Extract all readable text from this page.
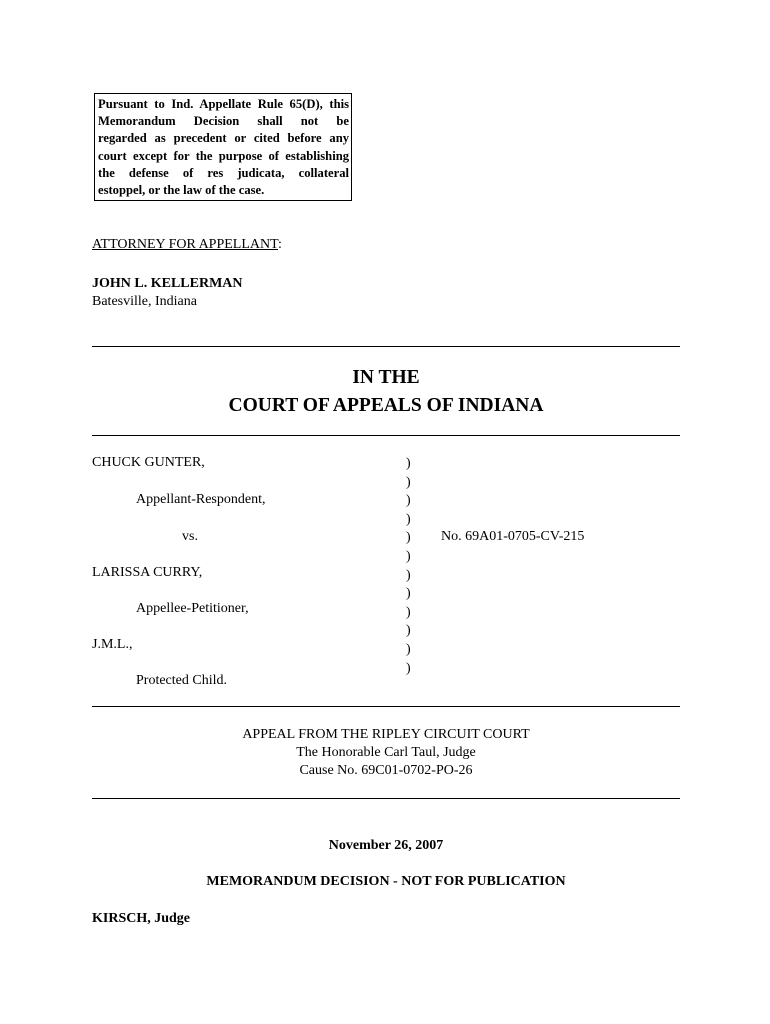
Pursuant to Ind. Appellate Rule 65(D), this
Memorandum Decision shall not be
regarded as precedent or cited before any
court except for the purpose of establishing
the defense of res judicata, collateral
estoppel, or the law of the case.
ATTORNEY FOR APPELLANT:
JOHN L. KELLERMAN
Batesville, Indiana
IN THE
COURT OF APPEALS OF INDIANA
CHUCK GUNTER,
Appellant-Respondent,
vs.
LARISSA CURRY,
Appellee-Petitioner,
J.M.L.,
Protected Child.
)
)
)
)
)
)
)
)
)
)
)
)
No. 69A01-0705-CV-215
APPEAL FROM THE RIPLEY CIRCUIT COURT
The Honorable Carl Taul, Judge
Cause No. 69C01-0702-PO-26
November 26, 2007
MEMORANDUM DECISION - NOT FOR PUBLICATION
KIRSCH, Judge
